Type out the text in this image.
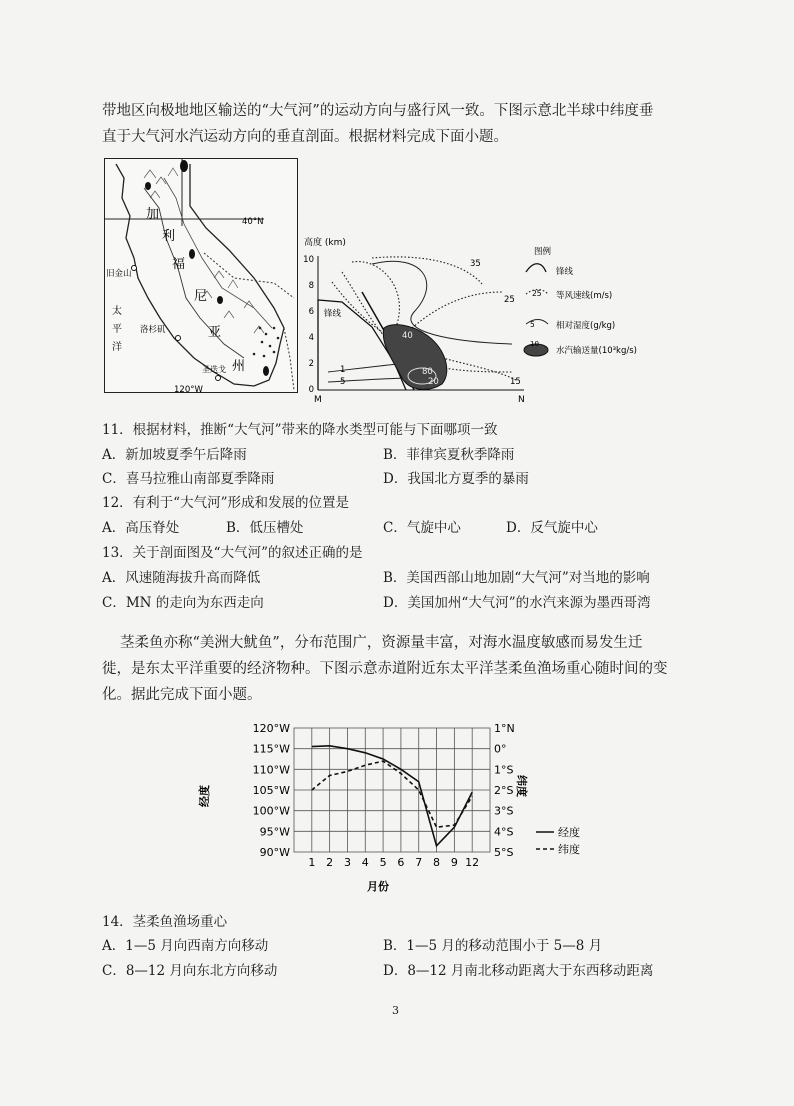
带地区向极地地区输送的“大气河”的运动方向与盛行风一致。下图示意北半球中纬度垂
直于大气河水汽运动方向的垂直剖面。根据材料完成下面小题。
40°N
120°W
加
利
福
尼
亚
州
太
平
洋
旧金山
洛杉矶
圣迭戈
高度 (km)
10
8
6
4
2
0
M	N
35
25
15
1
5
40
80
20
锋线
图例
锋线
25 等风速线(m/s)
5 相对湿度(g/kg)
10
水汽输送量(10³kg/s)
11．根据材料，推断“大气河”带来的降水类型可能与下面哪项一致
A．新加坡夏季午后降雨	B．菲律宾夏秋季降雨
C．喜马拉雅山南部夏季降雨	D．我国北方夏季的暴雨
12．有利于“大气河”形成和发展的位置是
A．高压脊处	B．低压槽处	C．气旋中心	D．反气旋中心
13．关于剖面图及“大气河”的叙述正确的是
A．风速随海拔升高而降低	B．美国西部山地加剧“大气河”对当地的影响
C．MN 的走向为东西走向	D．美国加州“大气河”的水汽来源为墨西哥湾
茎柔鱼亦称“美洲大魷鱼”，分布范围广，资源量丰富，对海水温度敏感而易发生迁
徙，是东太平洋重要的经济物种。下图示意赤道附近东太平洋茎柔鱼渔场重心随时间的变
化。据此完成下面小题。
120°W
115°W
110°W
105°W
100°W
95°W
90°W
1°N
0°
1°S
2°S
3°S
4°S
5°S
1 2 3 4 5 6 7 8 9 12
经度	纬度
月份
经度
纬度
14．茎柔鱼渔场重心
A．1—5 月向西南方向移动	B．1—5 月的移动范围小于 5—8 月
C．8—12 月向东北方向移动	D．8—12 月南北移动距离大于东西移动距离
3
